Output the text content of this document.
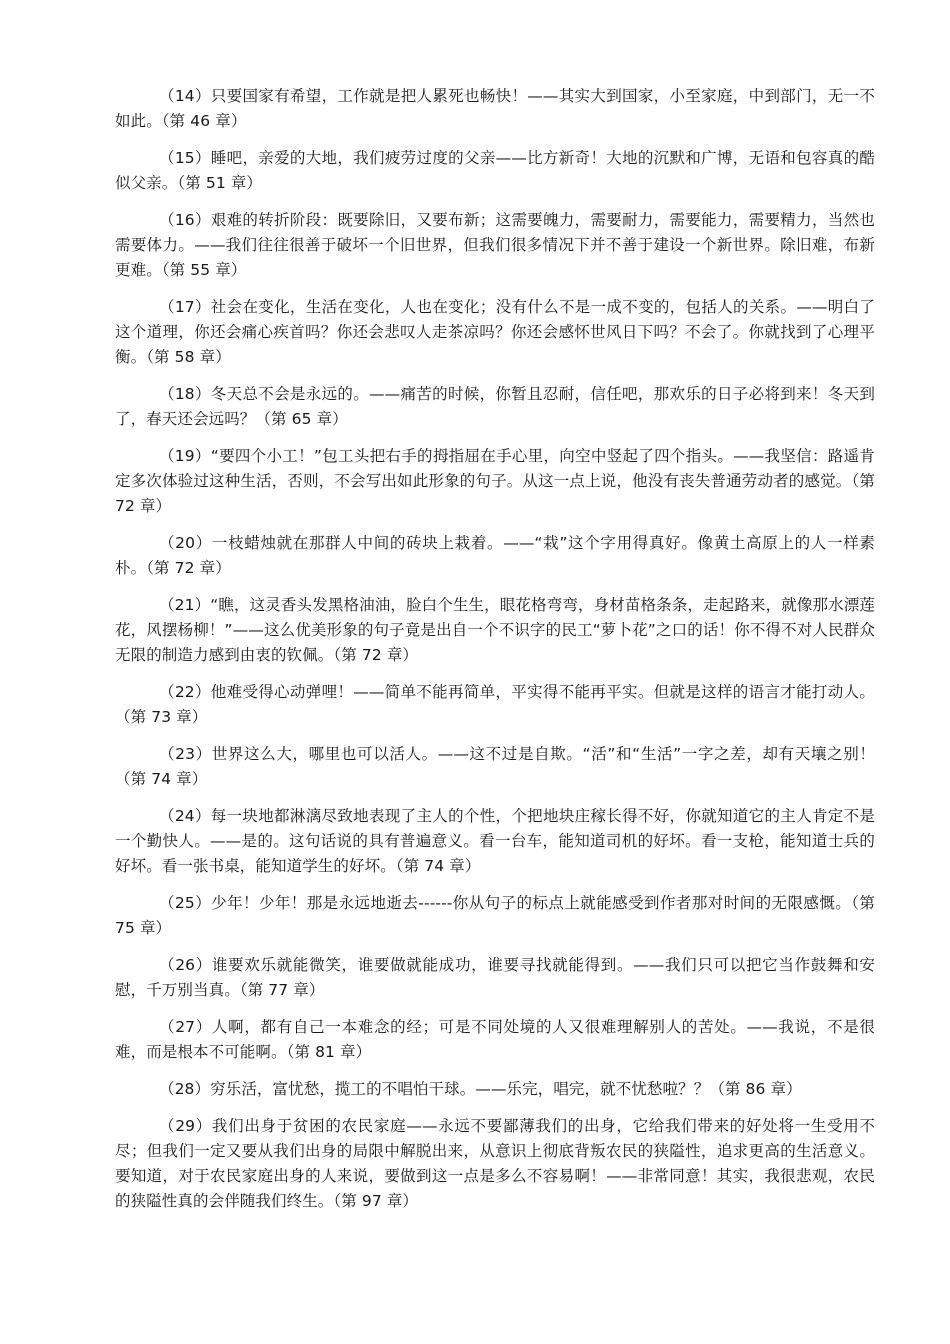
（14）只要国家有希望，工作就是把人累死也畅快！——其实大到国家，小至家庭，中到部门，无一不如此。（第 46 章）

（15）睡吧，亲爱的大地，我们疲劳过度的父亲——比方新奇！大地的沉默和广博，无语和包容真的酷似父亲。（第 51 章）

（16）艰难的转折阶段：既要除旧，又要布新；这需要魄力，需要耐力，需要能力，需要精力，当然也需要体力。——我们往往很善于破坏一个旧世界，但我们很多情况下并不善于建设一个新世界。除旧难，布新更难。（第 55 章）

（17）社会在变化，生活在变化，人也在变化；没有什么不是一成不变的，包括人的关系。——明白了这个道理，你还会痛心疾首吗？你还会悲叹人走茶凉吗？你还会感怀世风日下吗？不会了。你就找到了心理平衡。（第 58 章）

（18）冬天总不会是永远的。——痛苦的时候，你暂且忍耐，信任吧，那欢乐的日子必将到来！冬天到了，春天还会远吗？（第 65 章）

（19）“要四个小工！”包工头把右手的拇指屈在手心里，向空中竖起了四个指头。——我坚信：路遥肯定多次体验过这种生活，否则，不会写出如此形象的句子。从这一点上说，他没有丧失普通劳动者的感觉。（第 72 章）

（20）一枝蜡烛就在那群人中间的砖块上栽着。——“栽”这个字用得真好。像黄土高原上的人一样素朴。（第 72 章）

（21）“瞧，这灵香头发黑格油油，脸白个生生，眼花格弯弯，身材苗格条条，走起路来，就像那水漂莲花，风摆杨柳！”——这么优美形象的句子竟是出自一个不识字的民工“萝卜花”之口的话！你不得不对人民群众无限的制造力感到由衷的钦佩。（第 72 章）

（22）他难受得心动弹哩！——简单不能再简单，平实得不能再平实。但就是这样的语言才能打动人。（第 73 章）

（23）世界这么大，哪里也可以活人。——这不过是自欺。“活”和“生活”一字之差，却有天壤之别！（第 74 章）

（24）每一块地都淋漓尽致地表现了主人的个性，个把地块庄稼长得不好，你就知道它的主人肯定不是一个勤快人。——是的。这句话说的具有普遍意义。看一台车，能知道司机的好坏。看一支枪，能知道士兵的好坏。看一张书桌，能知道学生的好坏。（第 74 章）

（25）少年！少年！那是永远地逝去------你从句子的标点上就能感受到作者那对时间的无限感慨。（第 75 章）

（26）谁要欢乐就能微笑，谁要做就能成功，谁要寻找就能得到。——我们只可以把它当作鼓舞和安慰，千万别当真。（第 77 章）

（27）人啊，都有自己一本难念的经；可是不同处境的人又很难理解别人的苦处。——我说，不是很难，而是根本不可能啊。（第 81 章）

（28）穷乐活，富忧愁，揽工的不唱怕干球。——乐完，唱完，就不忧愁啦？？（第 86 章）

（29）我们出身于贫困的农民家庭——永远不要鄙薄我们的出身，它给我们带来的好处将一生受用不尽；但我们一定又要从我们出身的局限中解脱出来，从意识上彻底背叛农民的狭隘性，追求更高的生活意义。要知道，对于农民家庭出身的人来说，要做到这一点是多么不容易啊！——非常同意！其实，我很悲观，农民的狭隘性真的会伴随我们终生。（第 97 章）
